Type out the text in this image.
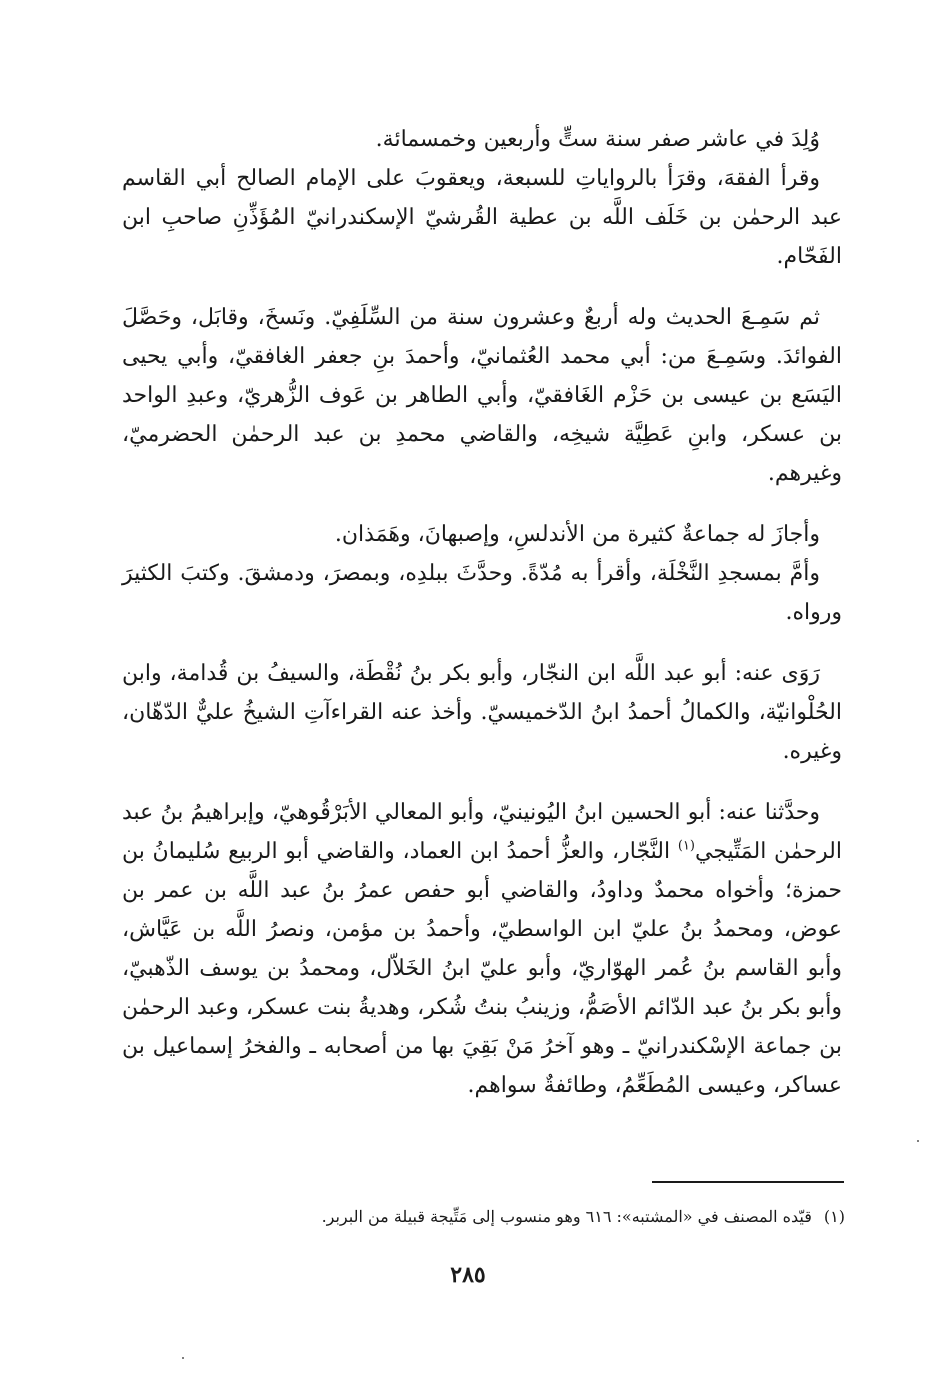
وُلِدَ في عاشر صفر سنة ستٍّ وأربعين وخمسمائة.

وقرأ الفقهَ، وقرَأ بالرواياتِ للسبعة، ويعقوبَ على الإمام الصالح أبي القاسم عبد الرحمٰن بن خَلَف اللَّه بن عطية القُرشيّ الإسكندرانيّ المُؤَذِّنِ صاحبِ ابن الفَحّام.

ثم سَمِـعَ الحديث وله أربعٌ وعشرون سنة من السِّلَفِيّ. ونَسخَ، وقابَل، وحَصَّلَ الفوائدَ. وسَمِـعَ من: أبي محمد العُثمانيّ، وأحمدَ بنِ جعفر الغافقيّ، وأبي يحيى اليَسَع بن عيسى بن حَزْم الغَافقيّ، وأبي الطاهر بن عَوف الزُّهريّ، وعبدِ الواحد بن عسكر، وابنِ عَطِيَّة شيخِه، والقاضي محمدِ بن عبد الرحمٰن الحضرميّ، وغيرهم.

وأجازَ له جماعةٌ كثيرة من الأندلسِ، وإصبهانَ، وهَمَذان.

وأمَّ بمسجدِ النَّخْلَة، وأقرأ به مُدّةً. وحدَّثَ ببلدِه، وبمصرَ، ودمشقَ. وكتبَ الكثيرَ ورواه.

رَوَى عنه: أبو عبد اللَّه ابن النجّار، وأبو بكر بنُ نُقْطَة، والسيفُ بن قُدامة، وابن الحُلْوانيّة، والكمالُ أحمدُ ابنُ الدّخميسيّ. وأخذ عنه القراءآتِ الشيخُ عليٌّ الدّهّان، وغيره.

وحدَّثنا عنه: أبو الحسين ابنُ اليُونينيّ، وأبو المعالي الأبَرْقُوهيّ، وإبراهيمُ بنُ عبد الرحمٰن المَتِّيجي$^{(١)}$ النَّجّار، والعزُّ أحمدُ ابن العماد، والقاضي أبو الربيع سُليمانُ بن حمزة؛ وأخواه محمدٌ وداودُ، والقاضي أبو حفص عمرُ بنُ عبد اللَّه بن عمر بن عوض، ومحمدُ بنُ عليّ ابن الواسطيّ، وأحمدُ بن مؤمن، ونصرُ اللَّه بن عَيَّاش، وأبو القاسم بنُ عُمر الهوّاريّ، وأبو عليّ ابنُ الخَلاّل، ومحمدُ بن يوسف الذّهبيّ، وأبو بكر بنُ عبد الدّائم الأصَمُّ، وزينبُ بنتُ شُكر، وهديةُ بنت عسكر، وعبد الرحمٰن بن جماعة الإسْكندرانيّ ـ وهو آخرُ مَنْ بَقِيَ بها من أصحابه ـ والفخرُ إسماعيل بن عساكر، وعيسى المُطَعِّمُ، وطائفةٌ سواهم.

(١)قيّده المصنف في «المشتبه»: ٦١٦ وهو منسوب إلى مَتِّيجة قبيلة من البربر.
٢٨٥
